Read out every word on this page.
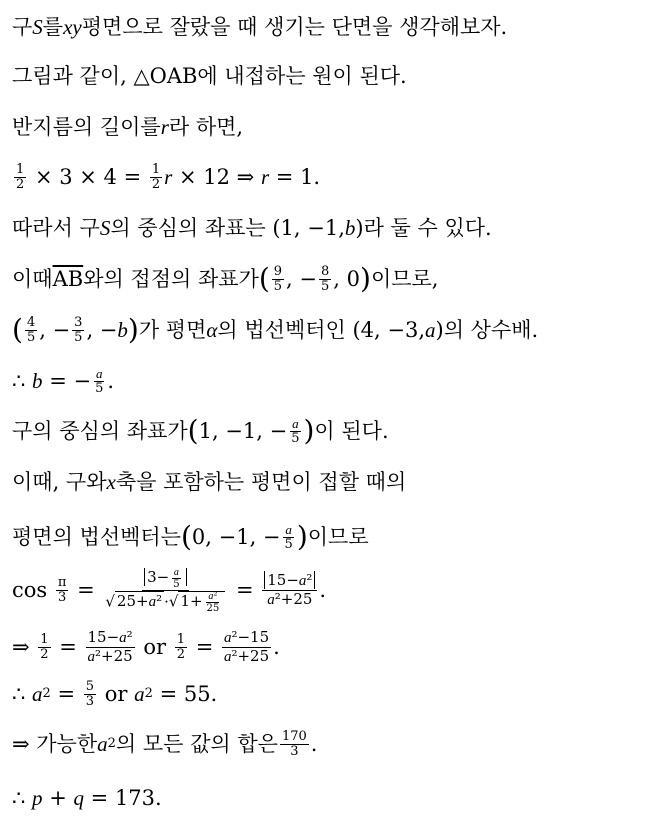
구 S 를 xy 평면으로 잘랐을 때 생기는 단면을 생각해보자.
그림과 같이, △OAB에 내접하는 원이 된다.
반지름의 길이를 r 라 하면,
$\frac{1}{2} \times 3 \times 4 = \frac{1}{2}$ r × 12 ⇒ r = 1.
따라서 구 S 의 중심의 좌표는 (1, −1, b )라 둘 수 있다.
이때 $\overline{AB}$ 와의 접점의 좌표가 ( $\frac{9}{5}$ , − $\frac{8}{5}$ , 0 ) 이므로,
( $\frac{4}{5}$ , − $\frac{3}{5}$ , − b ) 가 평면 α 의 법선벡터인 (4, −3, a )의 상수배.
∴ b = − $\frac{a}{5}$ .
구의 중심의 좌표가 ( 1, −1, − $\frac{a}{5}$ ) 이 된다.
이때, 구와 x 축을 포함하는 평면이 접할 때의
평면의 법선벡터는 ( 0, −1, − $\frac{a}{5}$ ) 이므로
$\cos \frac{\pi}{3} = \frac{3- \frac{a}{5}}{√ 25+a^2 \cdot√ 1+ \frac{\text{a²}}{25}} = \frac{\text{15−a²}}{\text{a²+25}}$ .
⇒ $\frac{1}{2} = \frac{\text{15−a²}}{\text{a²+25}}$ or $\frac{1}{2} = \frac{\text{a²−15}}{\text{a²+25}}$ .
∴ a $2 = \frac{5}{3}$ or a 2 = 55.
⇒ 가능한 a 2 의 모든 값의 합은 $\frac{170}{3}$ .
∴ p + q = 173.
